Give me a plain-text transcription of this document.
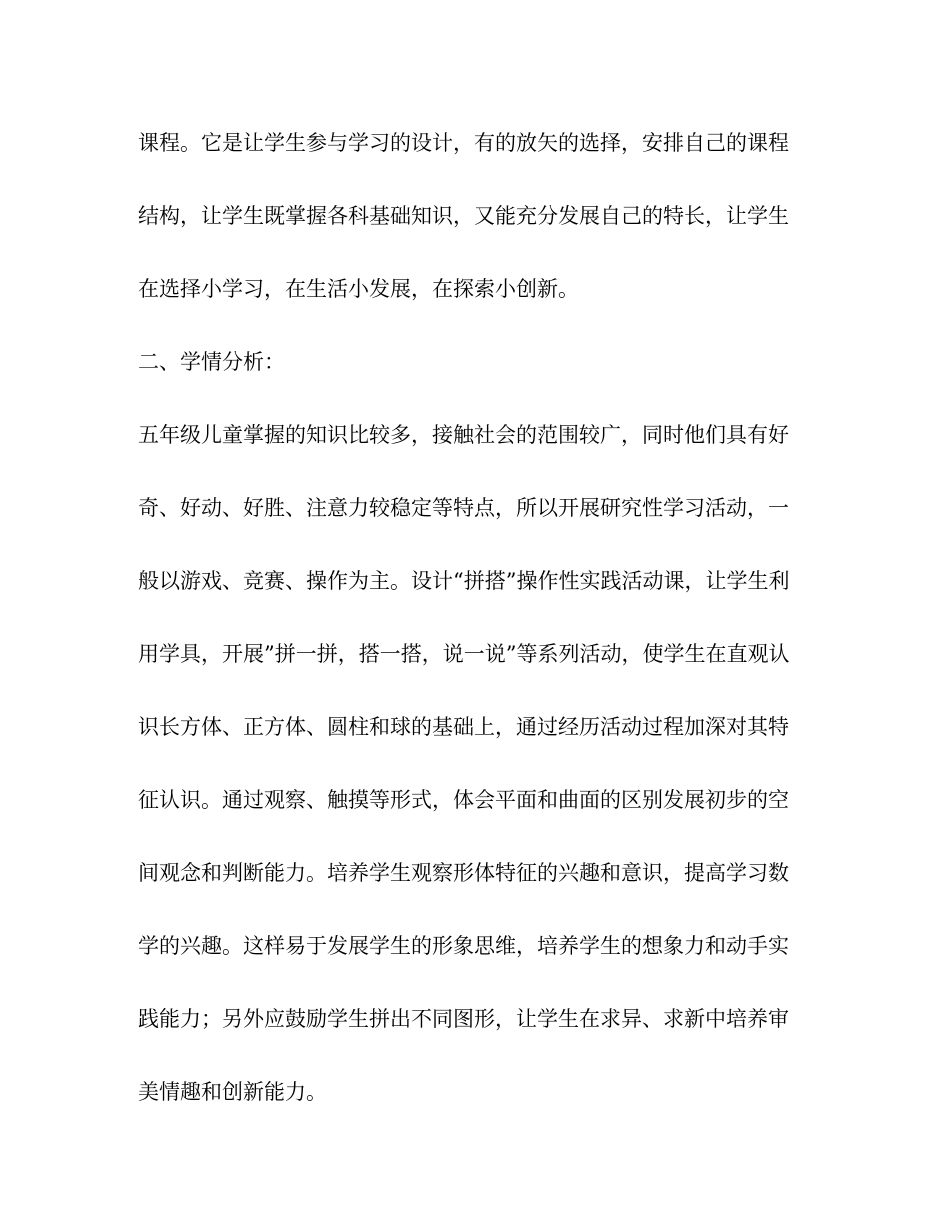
课程。它是让学生参与学习的设计，有的放矢的选择，安排自己的课程
结构，让学生既掌握各科基础知识，又能充分发展自己的特长，让学生
在选择小学习，在生活小发展，在探索小创新。
二、学情分析：
五年级儿童掌握的知识比较多，接触社会的范围较广，同时他们具有好
奇、好动、好胜、注意力较稳定等特点，所以开展研究性学习活动，一
般以游戏、竞赛、操作为主。设计“拼搭”操作性实践活动课，让学生利
用学具，开展”拼一拼，搭一搭，说一说”等系列活动，使学生在直观认
识长方体、正方体、圆柱和球的基础上，通过经历活动过程加深对其特
征认识。通过观察、触摸等形式，体会平面和曲面的区别发展初步的空
间观念和判断能力。培养学生观察形体特征的兴趣和意识，提高学习数
学的兴趣。这样易于发展学生的形象思维，培养学生的想象力和动手实
践能力；另外应鼓励学生拼出不同图形，让学生在求异、求新中培养审
美情趣和创新能力。
